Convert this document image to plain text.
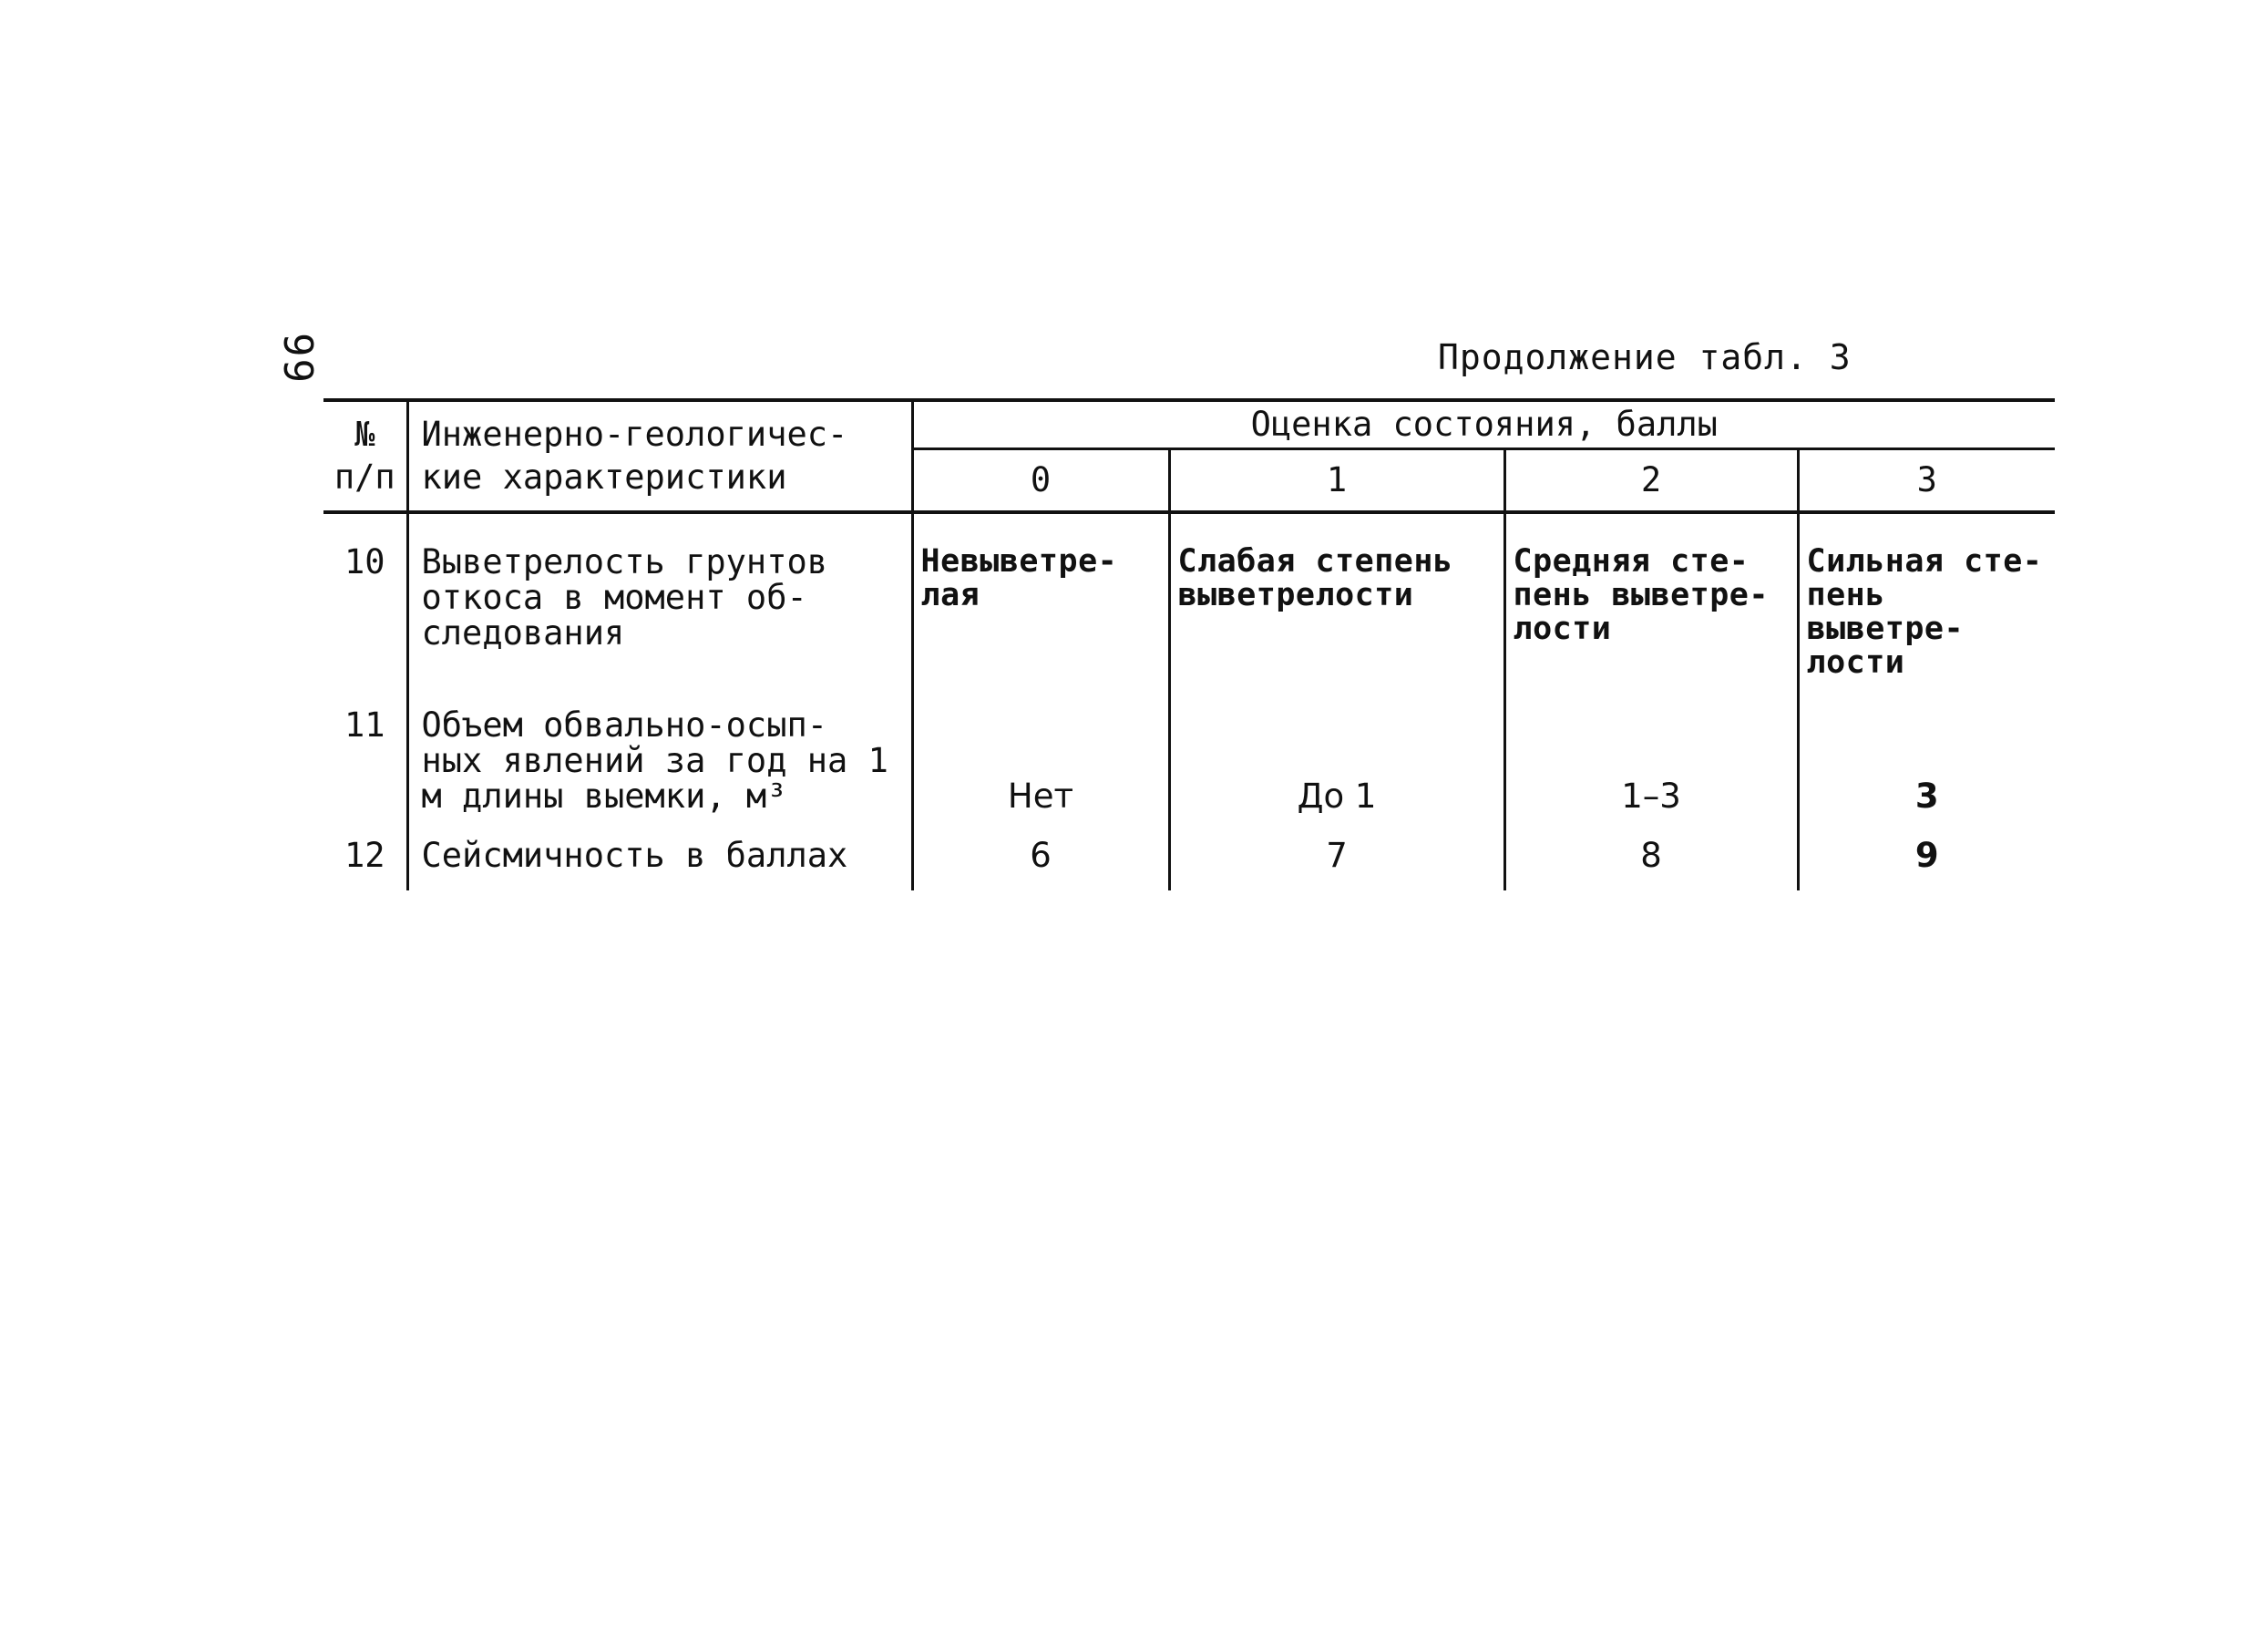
99	Продолжение табл. 3
№
п/п	Инженерно-геологичес- кие характеристики	Оценка состояния, баллы			
		0	1	2	3
10	Выветрелость грунтов откоса в момент об- следования	Невыветре- лая	Слабая степень выветрелости	Средняя сте- пень выветре- лости	Сильная сте- пень выветре- лости
11	Объем обвально-осып- ных явлений за год на 1 м длины выемки, м³	Нет	До 1	1–3	3
12	Сейсмичность в баллах	6	7	8	9
